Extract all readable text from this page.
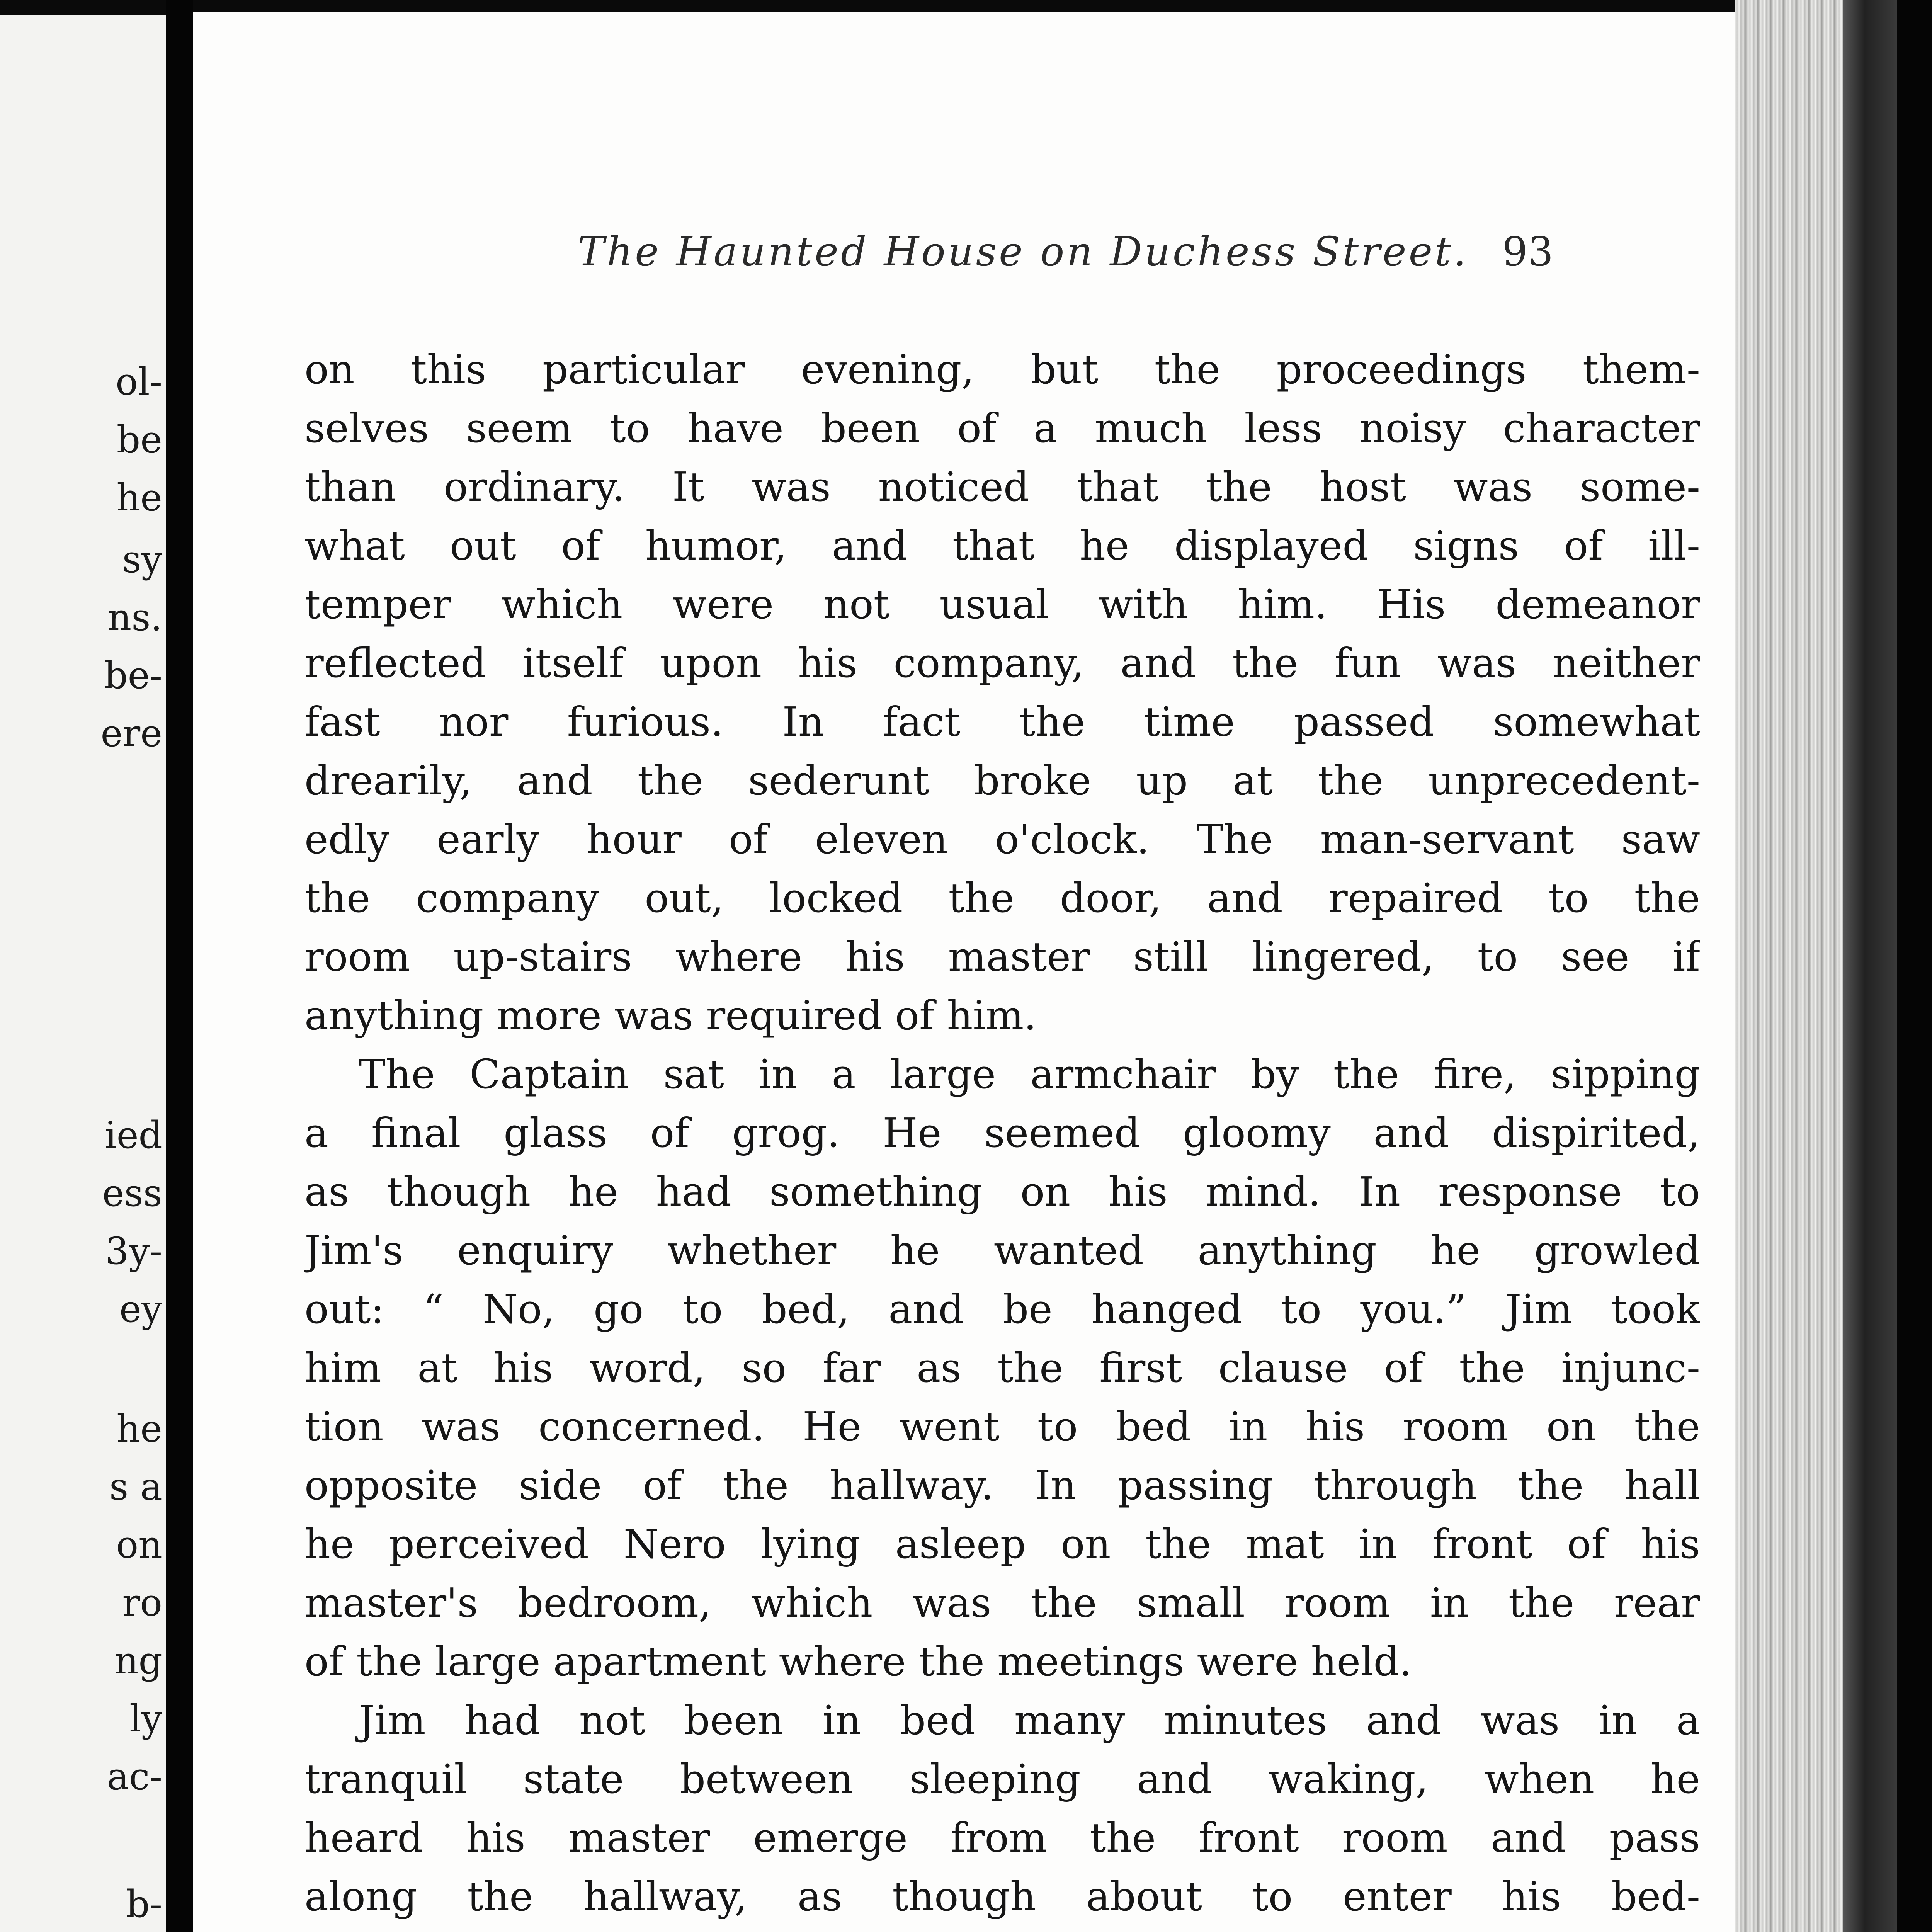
ol-
be
he
sy
ns.
be-
ere
ied
ess
3y-
ey
he
s a
on
ro
ng
ly
ac-
b-
The Haunted House on Duchess Street. 93
on this particular evening, but the proceedings them-
selves seem to have been of a much less noisy character
than ordinary. It was noticed that the host was some-
what out of humor, and that he displayed signs of ill-
temper which were not usual with him. His demeanor
reflected itself upon his company, and the fun was neither
fast nor furious. In fact the time passed somewhat
drearily, and the sederunt broke up at the unprecedent-
edly early hour of eleven o'clock. The man-servant saw
the company out, locked the door, and repaired to the
room up-stairs where his master still lingered, to see if
anything more was required of him.
The Captain sat in a large armchair by the fire, sipping
a final glass of grog. He seemed gloomy and dispirited,
as though he had something on his mind. In response to
Jim's enquiry whether he wanted anything he growled
out: “ No, go to bed, and be hanged to you.” Jim took
him at his word, so far as the first clause of the injunc-
tion was concerned. He went to bed in his room on the
opposite side of the hallway. In passing through the hall
he perceived Nero lying asleep on the mat in front of his
master's bedroom, which was the small room in the rear
of the large apartment where the meetings were held.
Jim had not been in bed many minutes and was in a
tranquil state between sleeping and waking, when he
heard his master emerge from the front room and pass
along the hallway, as though about to enter his bed-
